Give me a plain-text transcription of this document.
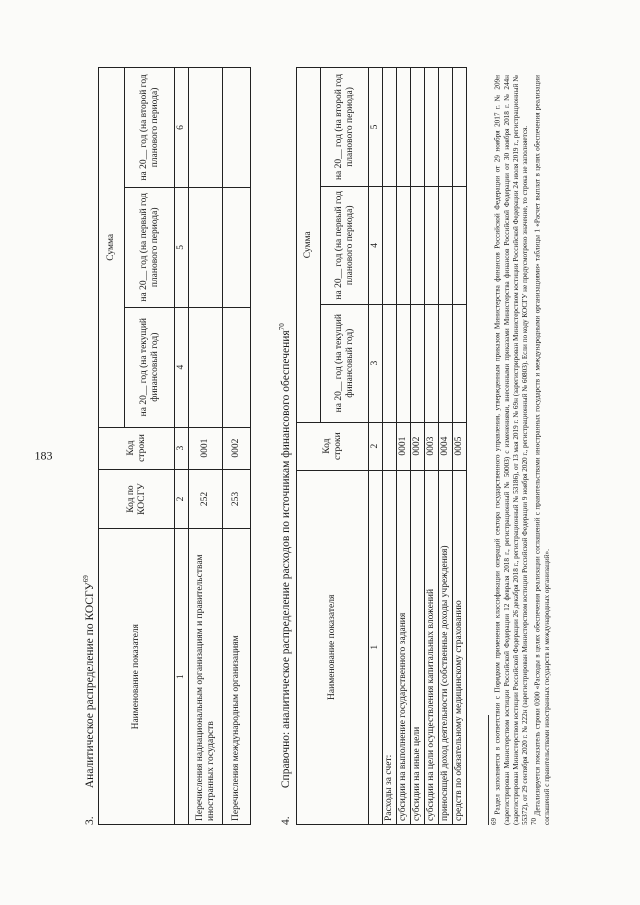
183
3. Аналитическое распределение по КОСГУ$^{69}$
Наименование показателя	Код по КОСГУ	Код строки	Сумма		
			на 20__ год (на текущий финансовый год)	на 20__ год (на первый год планового периода)	на 20__ год (на второй год планового периода)
1	2	3	4	5	6
Перечисления наднациональным организациям и правительствам иностранных государств	252	0001			
Перечисления международным организациям	253	0002			
4. Справочно: аналитическое распределение расходов по источникам финансового обеспечения$^{70}$
Наименование показателя	Код строки	Сумма		
		на 20__ год (на текущий финансовый год)	на 20__ год (на первый год планового периода)	на 20__ год (на второй год планового периода)
1	2	3	4	5
Расходы за счет:				
субсидии на выполнение государственного задания	0001			
субсидии на иные цели	0002			
субсидии на цели осуществления капитальных вложений	0003			
приносящей доход деятельности (собственные доходы учреждения)	0004			
средств по обязательному медицинскому страхованию	0005			

$^{69}$ Раздел заполняется в соответствии с Порядком применения классификации операций сектора государственного управления, утвержденным приказом Министерства финансов Российской Федерации от 29 ноября 2017 г. № 209н (зарегистрирован Министерством юстиции Российской Федерации 12 февраля 2018 г., регистрационный № 50003) с изменениями, внесенными приказами Министерства финансов Российской Федерации от 30 ноября 2018 г. № 244н (зарегистрирован Министерством юстиции Российской Федерации 26 декабря 2018 г., регистрационный № 53186), от 13 мая 2019 г. № 69н (зарегистрирован Министерством юстиции Российской Федерации 24 июля 2019 г., регистрационный № 55372), от 29 сентября 2020 г. № 222н (зарегистрирован Министерством юстиции Российской Федерации 9 ноября 2020 г., регистрационный № 60803). Если по коду КОСГУ не предусмотрено значение, то строка не заполняется. $^{70}$ Детализируется показатель строки 0300 «Расходы в целях обеспечения реализации соглашений с правительствами иностранных государств и международными организациями» таблицы 1 «Расчет выплат в целях обеспечения реализации соглашений с правительствами иностранных государств и международных организаций».
